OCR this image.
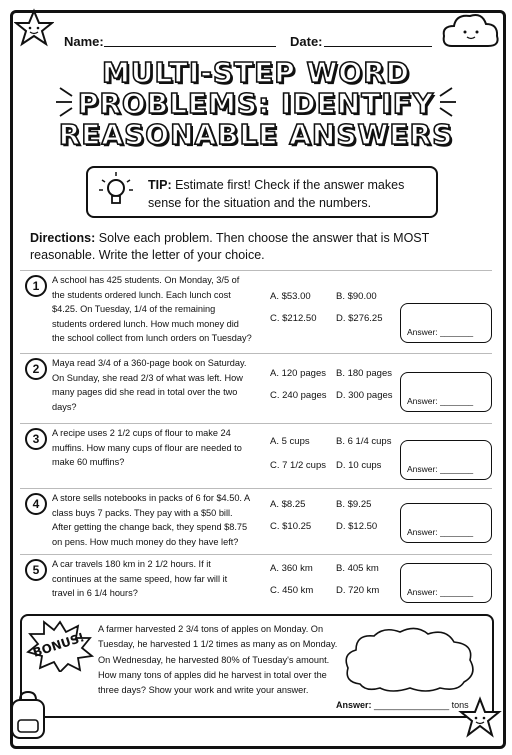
Name:	Date:
MULTI-STEP WORD
PROBLEMS: IDENTIFY
REASONABLE ANSWERS
TIP: Estimate first! Check if the answer makes sense for the situation and the numbers.
Directions: Solve each problem. Then choose the answer that is MOST reasonable. Write the letter of your choice.
1	A school has 425 students. On Monday, 3/5 of the students ordered lunch. Each lunch cost $4.25. On Tuesday, 1/4 of the remaining students ordered lunch. How much money did the school collect from lunch orders on Tuesday?
A. $53.00	B. $90.00
C. $212.50 D. $276.25
Answer: _______
2	Maya read 3/4 of a 360-page book on Saturday. On Sunday, she read 2/3 of what was left. How many pages did she read in total over the two days?
A. 120 pages B. 180 pages
C. 240 pages D. 300 pages Answer: _______
3	A recipe uses 2 1/2 cups of flour to make 24 muffins. How many cups of flour are needed to make 60 muffins?
A. 5 cups	B. 6 1/4 cups
C. 7 1/2 cups D. 10 cups	Answer: _______
4	A store sells notebooks in packs of 6 for $4.50. A class buys 7 packs. They pay with a $50 bill. After getting the change back, they spend $8.75 on pens. How much money do they have left?
A. $8.25	B. $9.25
C. $10.25	D. $12.50	Answer: _______
5	A car travels 180 km in 2 1/2 hours. If it continues at the same speed, how far will it travel in 6 1/4 hours?
A. 360 km B. 405 km
C. 450 km D. 720 km	Answer: _______
BONUS!
A farmer harvested 2 3/4 tons of apples on Monday. On Tuesday, he harvested 1 1/2 times as many as on Monday. On Wednesday, he harvested 80% of Tuesday's amount. How many tons of apples did he harvest in total over the three days? Show your work and write your answer.
Answer: _______________ tons
